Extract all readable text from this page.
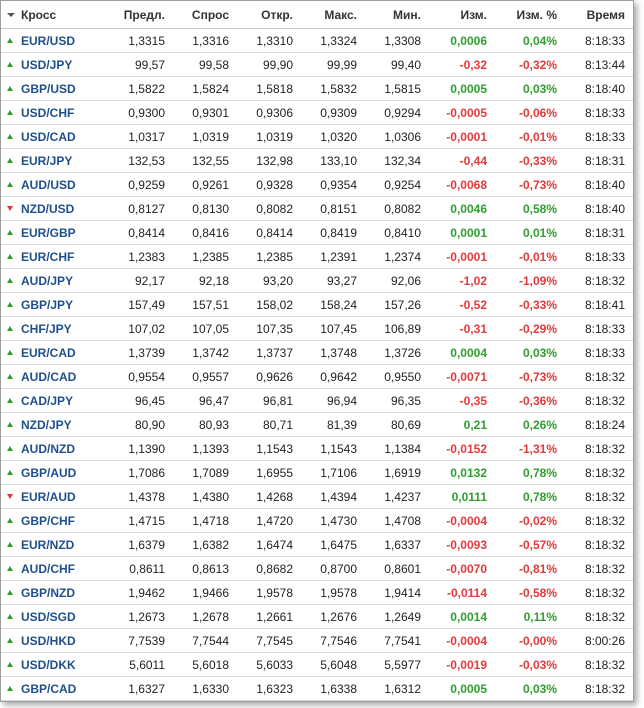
Кросс	Предл.	Спрос	Откр.	Макс.	Мин.	Изм.	Изм. %	Время
EUR/USD	1,3315	1,3316	1,3310	1,3324	1,3308	0,0006	0,04%	8:18:33
USD/JPY	99,57	99,58	99,90	99,99	99,40	-0,32	-0,32%	8:13:44
GBP/USD	1,5822	1,5824	1,5818	1,5832	1,5815	0,0005	0,03%	8:18:40
USD/CHF	0,9300	0,9301	0,9306	0,9309	0,9294	-0,0005	-0,06%	8:18:33
USD/CAD	1,0317	1,0319	1,0319	1,0320	1,0306	-0,0001	-0,01%	8:18:33
EUR/JPY	132,53	132,55	132,98	133,10	132,34	-0,44	-0,33%	8:18:31
AUD/USD	0,9259	0,9261	0,9328	0,9354	0,9254	-0,0068	-0,73%	8:18:40
NZD/USD	0,8127	0,8130	0,8082	0,8151	0,8082	0,0046	0,58%	8:18:40
EUR/GBP	0,8414	0,8416	0,8414	0,8419	0,8410	0,0001	0,01%	8:18:31
EUR/CHF	1,2383	1,2385	1,2385	1,2391	1,2374	-0,0001	-0,01%	8:18:33
AUD/JPY	92,17	92,18	93,20	93,27	92,06	-1,02	-1,09%	8:18:32
GBP/JPY	157,49	157,51	158,02	158,24	157,26	-0,52	-0,33%	8:18:41
CHF/JPY	107,02	107,05	107,35	107,45	106,89	-0,31	-0,29%	8:18:33
EUR/CAD	1,3739	1,3742	1,3737	1,3748	1,3726	0,0004	0,03%	8:18:33
AUD/CAD	0,9554	0,9557	0,9626	0,9642	0,9550	-0,0071	-0,73%	8:18:32
CAD/JPY	96,45	96,47	96,81	96,94	96,35	-0,35	-0,36%	8:18:32
NZD/JPY	80,90	80,93	80,71	81,39	80,69	0,21	0,26%	8:18:24
AUD/NZD	1,1390	1,1393	1,1543	1,1543	1,1384	-0,0152	-1,31%	8:18:32
GBP/AUD	1,7086	1,7089	1,6955	1,7106	1,6919	0,0132	0,78%	8:18:32
EUR/AUD	1,4378	1,4380	1,4268	1,4394	1,4237	0,0111	0,78%	8:18:32
GBP/CHF	1,4715	1,4718	1,4720	1,4730	1,4708	-0,0004	-0,02%	8:18:32
EUR/NZD	1,6379	1,6382	1,6474	1,6475	1,6337	-0,0093	-0,57%	8:18:32
AUD/CHF	0,8611	0,8613	0,8682	0,8700	0,8601	-0,0070	-0,81%	8:18:32
GBP/NZD	1,9462	1,9466	1,9578	1,9578	1,9414	-0,0114	-0,58%	8:18:32
USD/SGD	1,2673	1,2678	1,2661	1,2676	1,2649	0,0014	0,11%	8:18:32
USD/HKD	7,7539	7,7544	7,7545	7,7546	7,7541	-0,0004	-0,00%	8:00:26
USD/DKK	5,6011	5,6018	5,6033	5,6048	5,5977	-0,0019	-0,03%	8:18:32
GBP/CAD	1,6327	1,6330	1,6323	1,6338	1,6312	0,0005	0,03%	8:18:32
